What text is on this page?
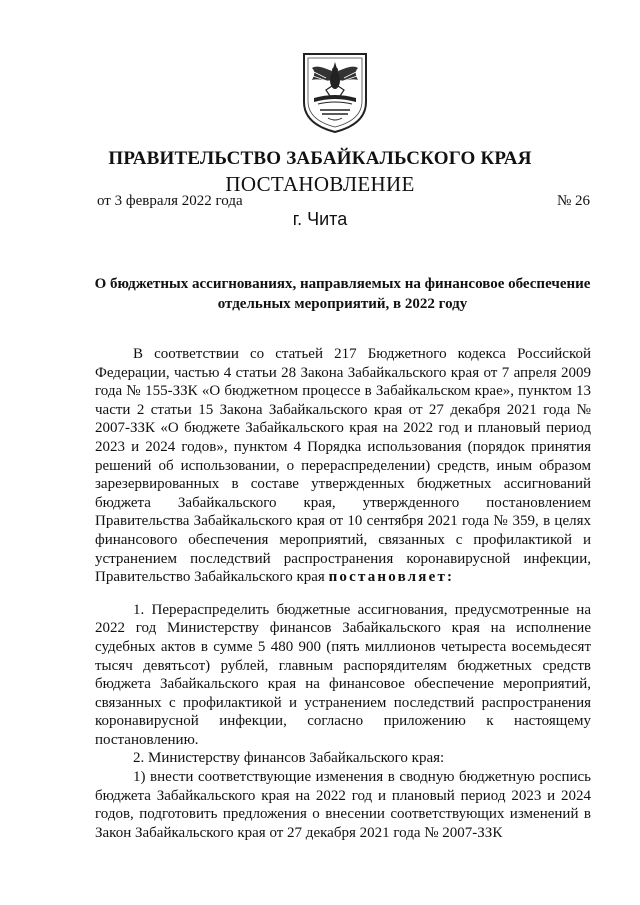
ПРАВИТЕЛЬСТВО ЗАБАЙКАЛЬСКОГО КРАЯ
ПОСТАНОВЛЕНИЕ
от 3 февраля 2022 года	№ 26
г. Чита
О бюджетных ассигнованиях, направляемых на финансовое обеспечение
отдельных мероприятий, в 2022 году

В соответствии со статьей 217 Бюджетного кодекса Российской Федерации, частью 4 статьи 28 Закона Забайкальского края от 7 апреля 2009 года № 155-ЗЗК «О бюджетном процессе в Забайкальском крае», пунктом 13 части 2 статьи 15 Закона Забайкальского края от 27 декабря 2021 года № 2007-ЗЗК «О бюджете Забайкальского края на 2022 год и плановый период 2023 и 2024 годов», пунктом 4 Порядка использования (порядок принятия решений об использовании, о перераспределении) средств, иным образом зарезервированных в составе утвержденных бюджетных ассигнований бюджета Забайкальского края, утвержденного постановлением Правительства Забайкальского края от 10 сентября 2021 года № 359, в целях финансового обеспечения мероприятий, связанных с профилактикой и устранением последствий распространения коронавирусной инфекции, Правительство Забайкальского края постановляет:

1. Перераспределить бюджетные ассигнования, предусмотренные на 2022 год Министерству финансов Забайкальского края на исполнение судебных актов в сумме 5 480 900 (пять миллионов четыреста восемьдесят тысяч девятьсот) рублей, главным распорядителям бюджетных средств бюджета Забайкальского края на финансовое обеспечение мероприятий, связанных с профилактикой и устранением последствий распространения коронавирусной инфекции, согласно приложению к настоящему постановлению.

2. Министерству финансов Забайкальского края:

1) внести соответствующие изменения в сводную бюджетную роспись бюджета Забайкальского края на 2022 год и плановый период 2023 и 2024 годов, подготовить предложения о внесении соответствующих изменений в Закон Забайкальского края от 27 декабря 2021 года № 2007-ЗЗК
